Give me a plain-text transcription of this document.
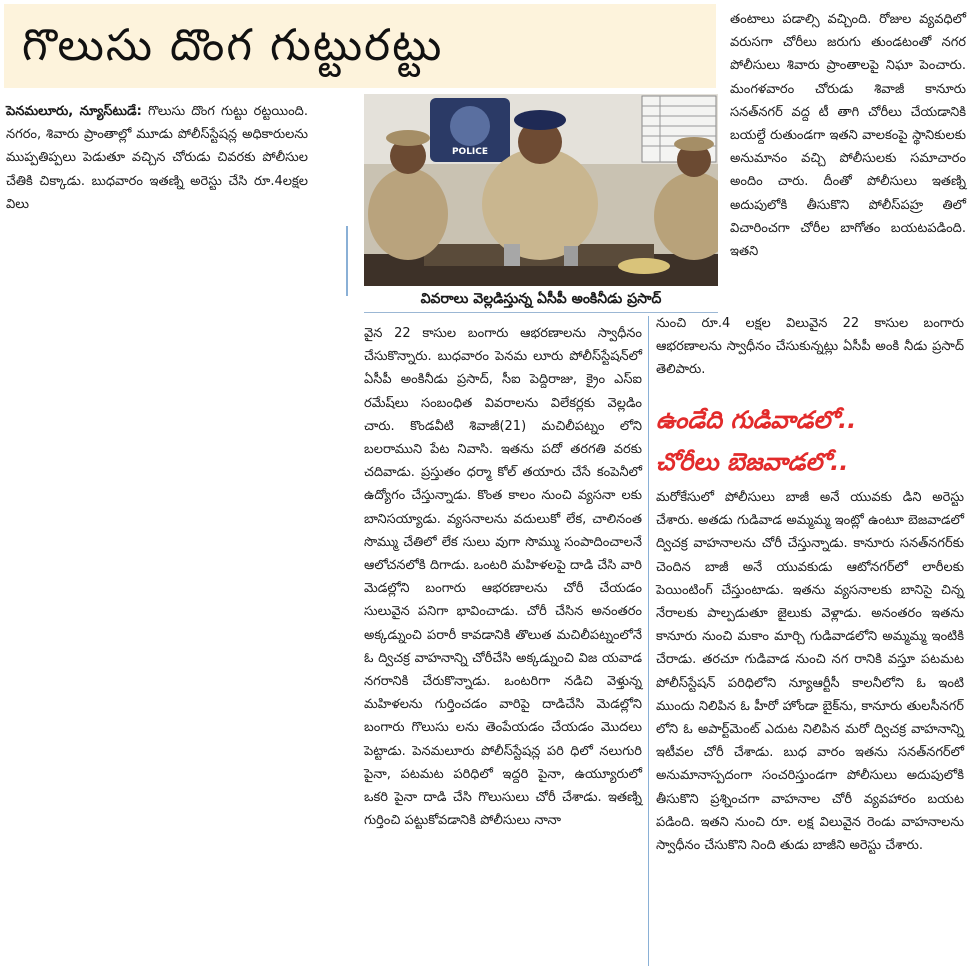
గొలుసు దొంగ గుట్టురట్టు

పెనమలూరు, న్యూస్‌టుడే: గొలుసు దొంగ గుట్టు రట్టయింది. నగరం, శివారు ప్రాంతాల్లో మూడు పోలీస్‌స్టేషన్ల అధికారులను ముప్పతిప్పలు పెడుతూ వచ్చిన చోరుడు చివరకు పోలీసుల చేతికి చిక్కాడు. బుధవారం ఇతణ్ని అరెస్టు చేసి రూ.4లక్షల విలు

POLICE
వివరాలు వెల్లడిస్తున్న ఏసీపీ అంకినీడు ప్రసాద్

తంటాలు పడాల్సి వచ్చింది. రోజుల వ్యవధిలో వరుసగా చోరీలు జరుగు తుండటంతో నగర పోలీసులు శివారు ప్రాంతాలపై నిఘా పెంచారు. మంగళవారం చోరుడు శివాజీ కానూరు సనత్‌నగర్ వద్ద టీ తాగి చోరీలు చేయడానికి బయల్దే రుతుండగా ఇతని వాలకంపై స్థానికులకు అనుమానం వచ్చి పోలీసులకు సమాచారం అందిం చారు. దీంతో పోలీసులు ఇతణ్ని అదుపులోకి తీసుకొని పోలీస్‌పహ్ర తిలో విచారించగా చోరీల బాగోతం బయటపడింది. ఇతని

వైన 22 కాసుల బంగారు ఆభరణాలను స్వాధీనం చేసుకొన్నారు. బుధవారం పెనమ లూరు పోలీస్‌స్టేషన్‌లో ఏసీపీ అంకినీడు ప్రసాద్, సీఐ పెద్దిరాజు, క్రైం ఎస్‌ఐ రమేష్‌లు సంబంధిత వివరాలను విలేకర్లకు వెల్లడిం చారు. కొండవీటి శివాజీ(21) మచిలీపట్నం లోని బలరాముని పేట నివాసి. ఇతను పదో తరగతి వరకు చదివాడు. ప్రస్తుతం ధర్మా కోల్ తయారు చేసే కంపెనీలో ఉద్యోగం చేస్తున్నాడు. కొంత కాలం నుంచి వ్యసనా లకు బానిసయ్యాడు. వ్యసనాలను వదులుకో లేక, చాలినంత సొమ్ము చేతిలో లేక సులు వుగా సొమ్ము సంపాదించాలనే ఆలోచనలోకి దిగాడు. ఒంటరి మహిళలపై దాడి చేసి వారి మెడల్లోని బంగారు ఆభరణాలను చోరీ చేయడం సులువైన పనిగా భావించాడు. చోరీ చేసిన అనంతరం అక్కడ్నుంచి పరారీ కావడానికి తొలుత మచిలీపట్నంలోనే ఓ ద్విచక్ర వాహనాన్ని చోరీచేసి అక్కడ్నుంచి విజ యవాడ నగరానికి చేరుకొన్నాడు. ఒంటరిగా నడిచి వెళ్తున్న మహిళలను గుర్తించడం వారిపై దాడిచేసి మెడల్లోని బంగారు గొలుసు లను తెంపేయడం చేయడం మొదలు పెట్టాడు. పెనమలూరు పోలీస్‌స్టేషన్ల పరి ధిలో నలుగురి పైనా, పటమట పరిధిలో ఇద్దరి పైనా, ఉయ్యూరులో ఒకరి పైనా దాడి చేసి గొలుసులు చోరీ చేశాడు. ఇతణ్ని గుర్తించి పట్టుకోవడానికి పోలీసులు నానా

నుంచి రూ.4 లక్షల విలువైన 22 కాసుల బంగారు ఆభరణాలను స్వాధీనం చేసుకున్నట్లు ఏసీపీ అంకి నీడు ప్రసాద్ తెలిపారు.

ఉండేది గుడివాడలో..
చోరీలు బెజవాడలో..

మరోకేసులో పోలీసులు బాజీ అనే యువకు డిని అరెస్టు చేశారు. అతడు గుడివాడ అమ్మమ్మ ఇంట్లో ఉంటూ బెజవాడలో ద్విచక్ర వాహనాలను చోరీ చేస్తున్నాడు. కానూరు సనత్‌నగర్‌కు చెందిన బాజీ అనే యువకుడు ఆటోనగర్‌లో లారీలకు పెయింటింగ్ చేస్తుంటాడు. ఇతను వ్యసనాలకు బానిసై చిన్న నేరాలకు పాల్పడుతూ జైలుకు వెళ్లాడు. అనంతరం ఇతను కానూరు నుంచి మకాం మార్చి గుడివాడలోని అమ్మమ్మ ఇంటికి చేరాడు. తరచూ గుడివాడ నుంచి నగ రానికి వస్తూ పటమట పోలీస్‌స్టేషన్ పరిధిలోని న్యూఆర్టీసీ కాలనీలోని ఓ ఇంటి ముందు నిలిపిన ఓ హీరో హోండా బైక్‌ను, కానూరు తులసీనగర్ లోని ఓ అపార్ట్‌మెంట్ ఎదుట నిలిపిన మరో ద్విచక్ర వాహనాన్ని ఇటీవల చోరీ చేశాడు. బుధ వారం ఇతను సనత్‌నగర్‌లో అనుమానాస్పదంగా సంచరిస్తుండగా పోలీసులు అదుపులోకి తీసుకొని ప్రశ్నించగా వాహనాల చోరీ వ్యవహారం బయట పడింది. ఇతని నుంచి రూ. లక్ష విలువైన రెండు వాహనాలను స్వాధీనం చేసుకొని నింది తుడు బాజీని అరెస్టు చేశారు.
